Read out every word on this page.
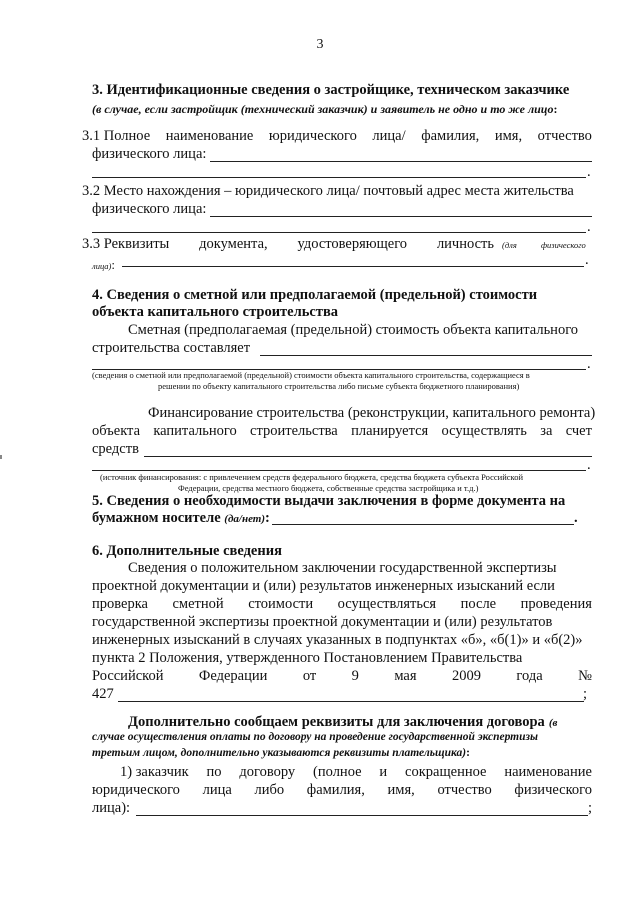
3
3. Идентификационные сведения о застройщике, техническом заказчике
(в случае, если застройщик (технический заказчик) и заявитель не одно и то же лицо:
3.1 Полное наименование юридического лица/ фамилия, имя, отчество
физического лица:
.
3.2 Место нахождения – юридического лица/ почтовый адрес места жительства
физического лица:
.
3.3 Реквизиты документа, удостоверяющего личность (для	физического
лица):	.
4. Сведения о сметной или предполагаемой (предельной) стоимости
объекта капитального строительства
Сметная (предполагаемая (предельной) стоимость объекта капитального
строительства составляет
.
(сведения о сметной или предполагаемой (предельной) стоимости объекта капитального строительства, содержащиеся в
решении по объекту капитального строительства либо письме субъекта бюджетного планирования)
Финансирование строительства (реконструкции, капитального ремонта)
объекта капитального строительства планируется осуществлять за счет
средств
.
(источник финансирования: с привлечением средств федерального бюджета, средства бюджета субъекта Российской
Федерации, средства местного бюджета, собственные средства застройщика и т.д.)
5. Сведения о необходимости выдачи заключения в форме документа на
бумажном носителе (да/нет):	.
6. Дополнительные сведения
Сведения о положительном заключении государственной экспертизы
проектной документации и (или) результатов инженерных изысканий если
проверка сметной стоимости осуществляться после проведения
государственной экспертизы проектной документации и (или) результатов
инженерных изысканий в случаях указанных в подпунктах «б», «б(1)» и «б(2)»
пункта 2 Положения, утвержденного Постановлением Правительства
Российской Федерации от 9 мая 2009 года №
427	;
Дополнительно сообщаем реквизиты для заключения договора (в
случае осуществления оплаты по договору на проведение государственной экспертизы
третьим лицом, дополнительно указываются реквизиты плательщика):
1) заказчик по договору (полное и сокращенное наименование
юридического лица либо фамилия, имя, отчество физического
лица):	;
